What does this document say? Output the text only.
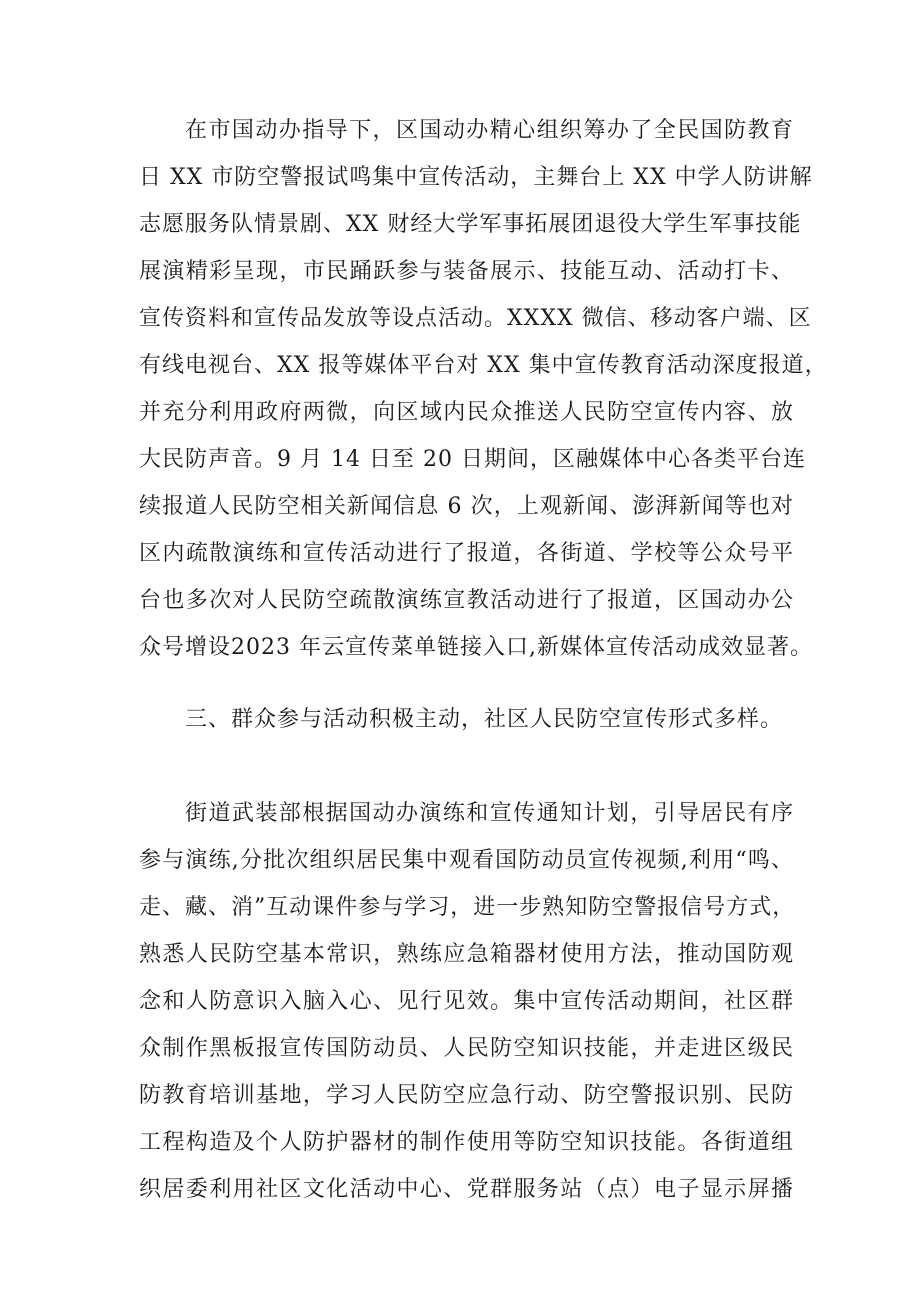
在市国动办指导下，区国动办精心组织筹办了全民国防教育
日 XX 市防空警报试鸣集中宣传活动，主舞台上 XX 中学人防讲解
志愿服务队情景剧、XX 财经大学军事拓展团退役大学生军事技能
展演精彩呈现，市民踊跃参与装备展示、技能互动、活动打卡、
宣传资料和宣传品发放等设点活动。XXXX 微信、移动客户端、区
有线电视台、XX 报等媒体平台对 XX 集中宣传教育活动深度报道，
并充分利用政府两微，向区域内民众推送人民防空宣传内容、放
大民防声音。9 月 14 日至 20 日期间，区融媒体中心各类平台连
续报道人民防空相关新闻信息 6 次，上观新闻、澎湃新闻等也对
区内疏散演练和宣传活动进行了报道，各街道、学校等公众号平
台也多次对人民防空疏散演练宣教活动进行了报道，区国动办公
众号增设2023 年云宣传菜单链接入口,新媒体宣传活动成效显著。
三、群众参与活动积极主动，社区人民防空宣传形式多样。
街道武装部根据国动办演练和宣传通知计划，引导居民有序
参与演练,分批次组织居民集中观看国防动员宣传视频,利用“鸣、
走、藏、消”互动课件参与学习，进一步熟知防空警报信号方式，
熟悉人民防空基本常识，熟练应急箱器材使用方法，推动国防观
念和人防意识入脑入心、见行见效。集中宣传活动期间，社区群
众制作黑板报宣传国防动员、人民防空知识技能，并走进区级民
防教育培训基地，学习人民防空应急行动、防空警报识别、民防
工程构造及个人防护器材的制作使用等防空知识技能。各街道组
织居委利用社区文化活动中心、党群服务站（点）电子显示屏播
